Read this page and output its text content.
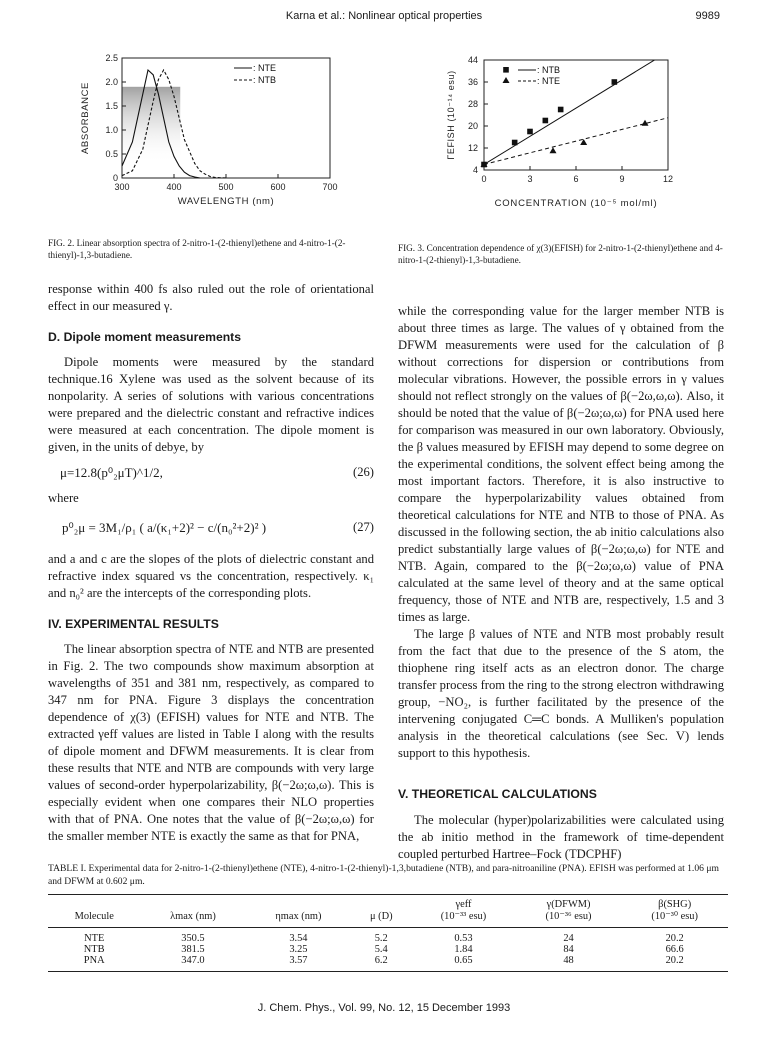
Karna et al.: Nonlinear optical properties	9989
300	400	500	600	700
0
0.5
1.0
1.5
2.0
2.5
WAVELENGTH (nm)
ABSORBANCE
: NTE
: NTB
0	3	6	9	12
4
12
20
28
36
44
CONCENTRATION (10⁻⁵ mol/ml)
ΓEFISH (10⁻¹⁴ esu)
: NTB
: NTE
FIG. 2. Linear absorption spectra of 2-nitro-1-(2-thienyl)ethene and 4-nitro-1-(2-thienyl)-1,3-butadiene.
FIG. 3. Concentration dependence of χ(3)(EFISH) for 2-nitro-1-(2-thienyl)ethene and 4-nitro-1-(2-thienyl)-1,3-butadiene.

response within 400 fs also ruled out the role of orientational effect in our measured γ.

D. Dipole moment measurements

Dipole moments were measured by the standard technique.16 Xylene was used as the solvent because of its nonpolarity. A series of solutions with various concentrations were prepared and the dielectric constant and refractive indices were measured at each concentration. The dipole moment is given, in the units of debye, by

μ=12.8(p⁰₂μT)^1/2,	(26)

where

p⁰₂μ = 3M₁/ρ₁ ( a/(κ₁+2)² − c/(n₀²+2)² )	(27)

and a and c are the slopes of the plots of dielectric constant and refractive index squared vs the concentration, respectively. κ₁ and n₀² are the intercepts of the corresponding plots.

IV. EXPERIMENTAL RESULTS

The linear absorption spectra of NTE and NTB are presented in Fig. 2. The two compounds show maximum absorption at wavelengths of 351 and 381 nm, respectively, as compared to 347 nm for PNA. Figure 3 displays the concentration dependence of χ(3) (EFISH) values for NTE and NTB. The extracted γeff values are listed in Table I along with the results of dipole moment and DFWM measurements. It is clear from these results that NTE and NTB are compounds with very large values of second-order hyperpolarizability, β(−2ω;ω,ω). This is especially evident when one compares their NLO properties with that of PNA. One notes that the value of β(−2ω;ω,ω) for the smaller member NTE is exactly the same as that for PNA,

while the corresponding value for the larger member NTB is about three times as large. The values of γ obtained from the DFWM measurements were used for the calculation of β without corrections for dispersion or contributions from molecular vibrations. However, the possible errors in γ values should not reflect strongly on the values of β(−2ω,ω,ω). Also, it should be noted that the value of β(−2ω;ω,ω) for PNA used here for comparison was measured in our own laboratory. Obviously, the β values measured by EFISH may depend to some degree on the experimental conditions, the solvent effect being among the most important factors. Therefore, it is also instructive to compare the hyperpolarizability values obtained from theoretical calculations for NTE and NTB to those of PNA. As discussed in the following section, the ab initio calculations also predict substantially large values of β(−2ω;ω,ω) for NTE and NTB. Again, compared to the β(−2ω;ω,ω) value of PNA calculated at the same level of theory and at the same optical frequency, those of NTE and NTB are, respectively, 1.5 and 3 times as large.

The large β values of NTE and NTB most probably result from the fact that due to the presence of the S atom, the thiophene ring itself acts as an electron donor. The charge transfer process from the ring to the strong electron withdrawing group, −NO₂, is further facilitated by the presence of the intervening conjugated C═C bonds. A Mulliken's population analysis in the theoretical calculations (see Sec. V) lends support to this hypothesis.

V. THEORETICAL CALCULATIONS

The molecular (hyper)polarizabilities were calculated using the ab initio method in the framework of time-dependent coupled perturbed Hartree–Fock (TDCPHF)

TABLE I. Experimental data for 2-nitro-1-(2-thienyl)ethene (NTE), 4-nitro-1-(2-thienyl)-1,3,butadiene (NTB), and para-nitroaniline (PNA). EFISH was performed at 1.06 μm and DFWM at 0.602 μm.
				γeff	γ(DFWM)	β(SHG)
Molecule	λmax (nm)	ηmax (nm)	μ (D)	(10⁻³³ esu)	(10⁻³⁶ esu)	(10⁻³⁰ esu)
NTE	350.5	3.54	5.2	0.53	24	20.2
NTB	381.5	3.25	5.4	1.84	84	66.6
PNA	347.0	3.57	6.2	0.65	48	20.2
J. Chem. Phys., Vol. 99, No. 12, 15 December 1993
